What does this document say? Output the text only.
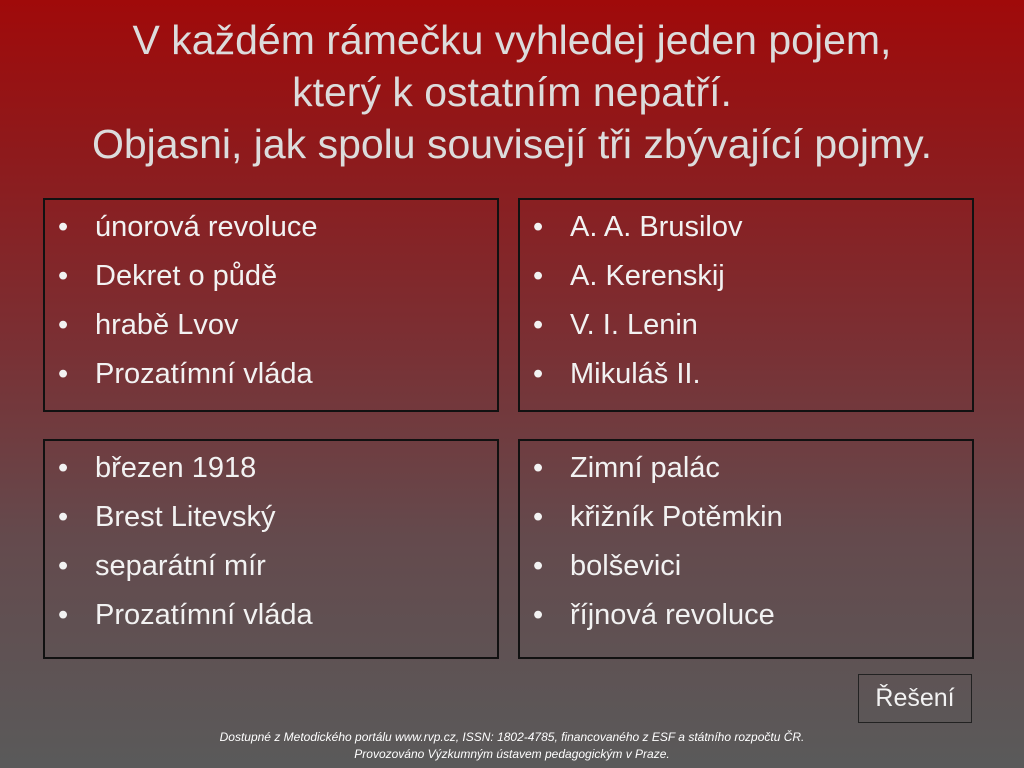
V každém rámečku vyhledej jeden pojem,
který k ostatním nepatří.
Objasni, jak spolu souvisejí tři zbývající pojmy.
• únorová revoluce
• Dekret o půdě
• hrabě Lvov
• Prozatímní vláda
• A. A. Brusilov
• A. Kerenskij
• V. I. Lenin
• Mikuláš II.
• březen 1918
• Brest Litevský
• separátní mír
• Prozatímní vláda
• Zimní palác
• křižník Potěmkin
• bolševici
• říjnová revoluce
Řešení
Dostupné z Metodického portálu www.rvp.cz, ISSN: 1802-4785, financovaného z ESF a státního rozpočtu ČR.
Provozováno Výzkumným ústavem pedagogickým v Praze.
